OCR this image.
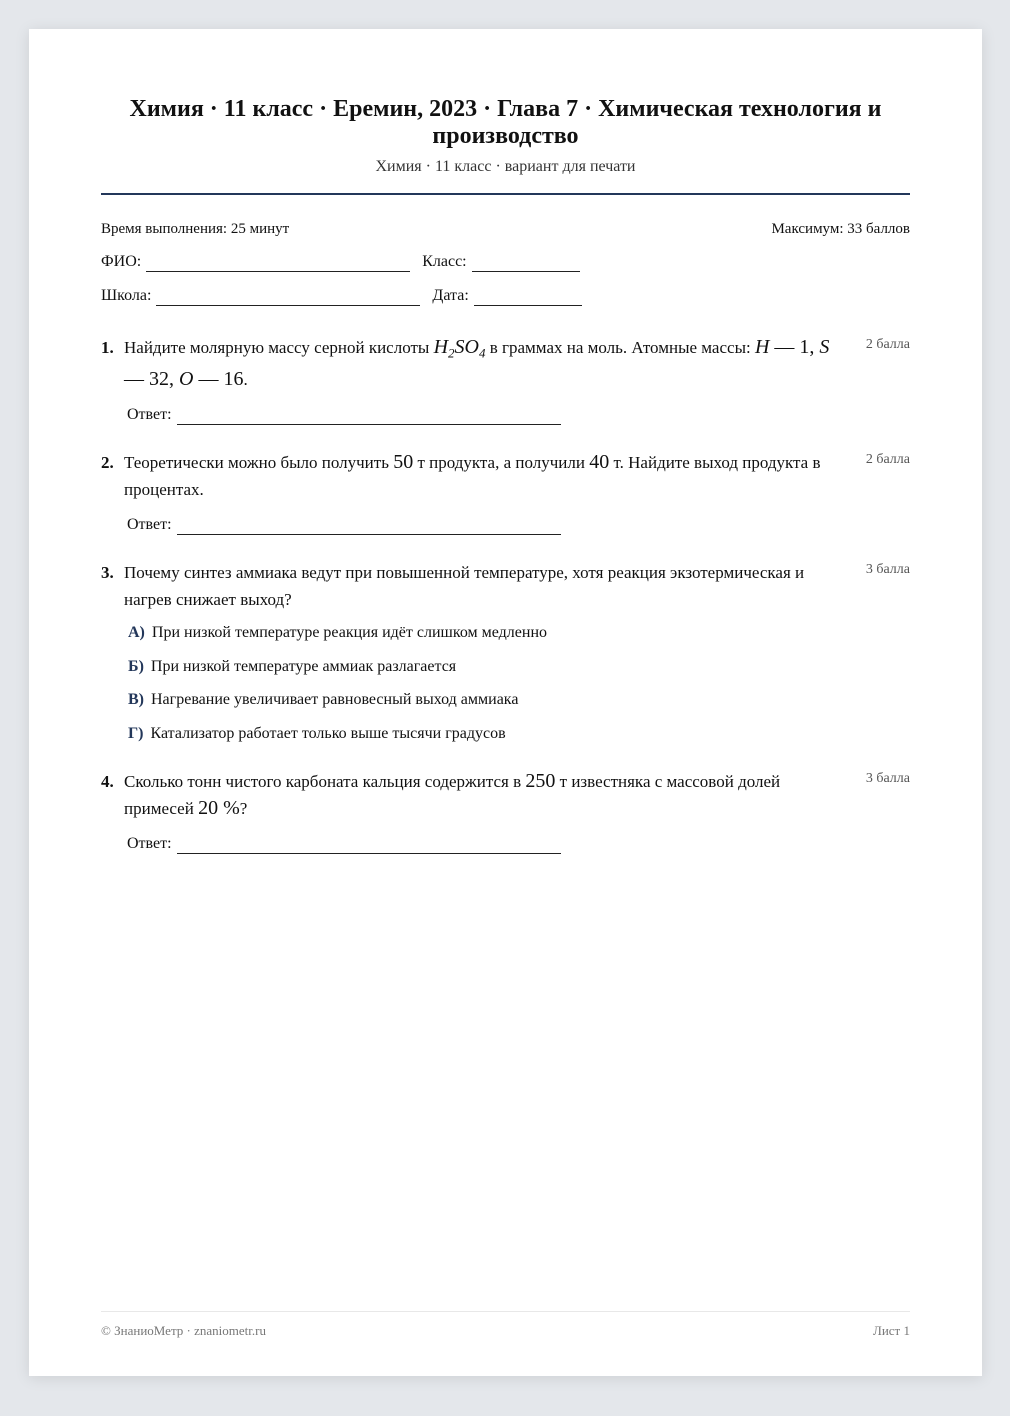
Химия · 11 класс · Еремин, 2023 · Глава 7 · Химическая технология и производство
Химия · 11 класс · вариант для печати
Время выполнения: 25 минут	Максимум: 33 баллов
ФИО:	Класс:
Школа:	Дата:
1. Найдите молярную массу серной кислоты $H_2SO_4$ в граммах на моль. Атомные массы: H — 1, S — 32, O — 16.
2 балла
Ответ:
2. Теоретически можно было получить 50 т продукта, а получили 40 т. Найдите выход продукта в процентах.
2 балла
Ответ:
3. Почему синтез аммиака ведут при повышенной температуре, хотя реакция экзотермическая и нагрев снижает выход?
3 балла
А) При низкой температуре реакция идёт слишком медленно
Б) При низкой температуре аммиак разлагается
В) Нагревание увеличивает равновесный выход аммиака
Г) Катализатор работает только выше тысячи градусов
4. Сколько тонн чистого карбоната кальция содержится в 250 т известняка с массовой долей примесей 20 %?
3 балла
Ответ:
© ЗнаниоМетр · znaniometr.ru	Лист 1
